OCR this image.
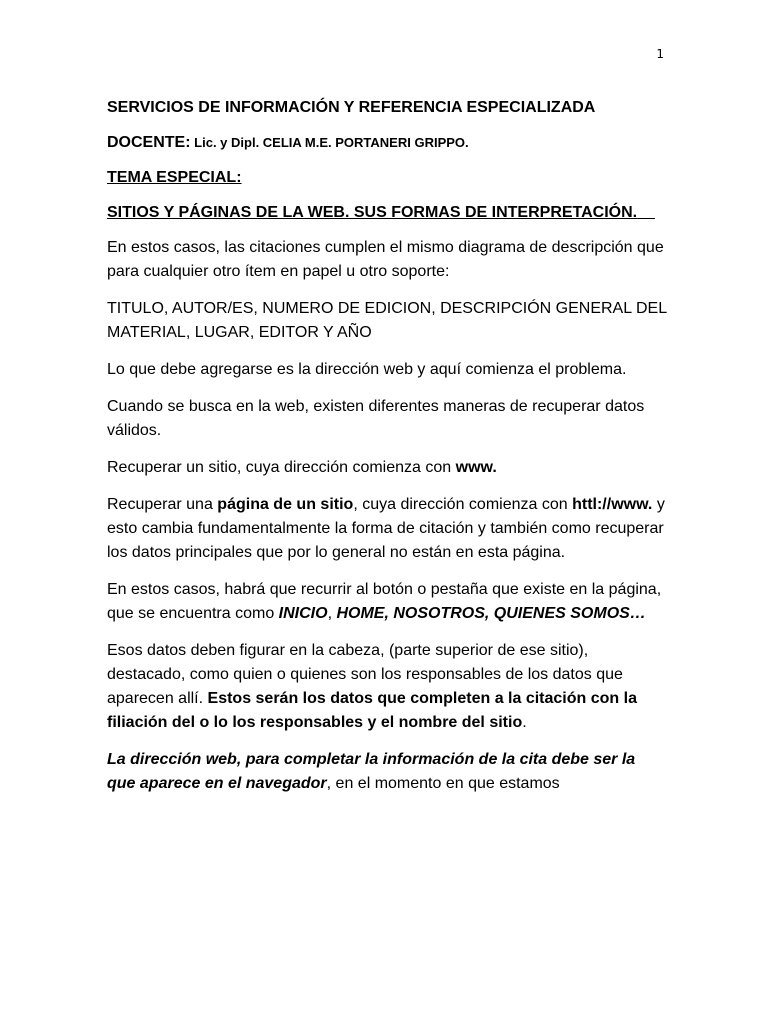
1

SERVICIOS DE INFORMACIÓN Y REFERENCIA ESPECIALIZADA

DOCENTE: Lic. y Dipl. CELIA M.E. PORTANERI GRIPPO.

TEMA ESPECIAL:

SITIOS Y PÁGINAS DE LA WEB. SUS FORMAS DE INTERPRETACIÓN.

En estos casos, las citaciones cumplen el mismo diagrama de descripción que para cualquier otro ítem en papel u otro soporte:

TITULO, AUTOR/ES, NUMERO DE EDICION, DESCRIPCIÓN GENERAL DEL MATERIAL, LUGAR, EDITOR Y AÑO

Lo que debe agregarse es la dirección web y aquí comienza el problema.

Cuando se busca en la web, existen diferentes maneras de recuperar datos válidos.

Recuperar un sitio, cuya dirección comienza con www.

Recuperar una página de un sitio, cuya dirección comienza con httl://www. y esto cambia fundamentalmente la forma de citación y también como recuperar los datos principales que por lo general no están en esta página.

En estos casos, habrá que recurrir al botón o pestaña que existe en la página, que se encuentra como INICIO, HOME, NOSOTROS, QUIENES SOMOS…

Esos datos deben figurar en la cabeza, (parte superior de ese sitio), destacado, como quien o quienes son los responsables de los datos que aparecen allí. Estos serán los datos que completen a la citación con la filiación del o lo los responsables y el nombre del sitio.

La dirección web, para completar la información de la cita debe ser la que aparece en el navegador, en el momento en que estamos
